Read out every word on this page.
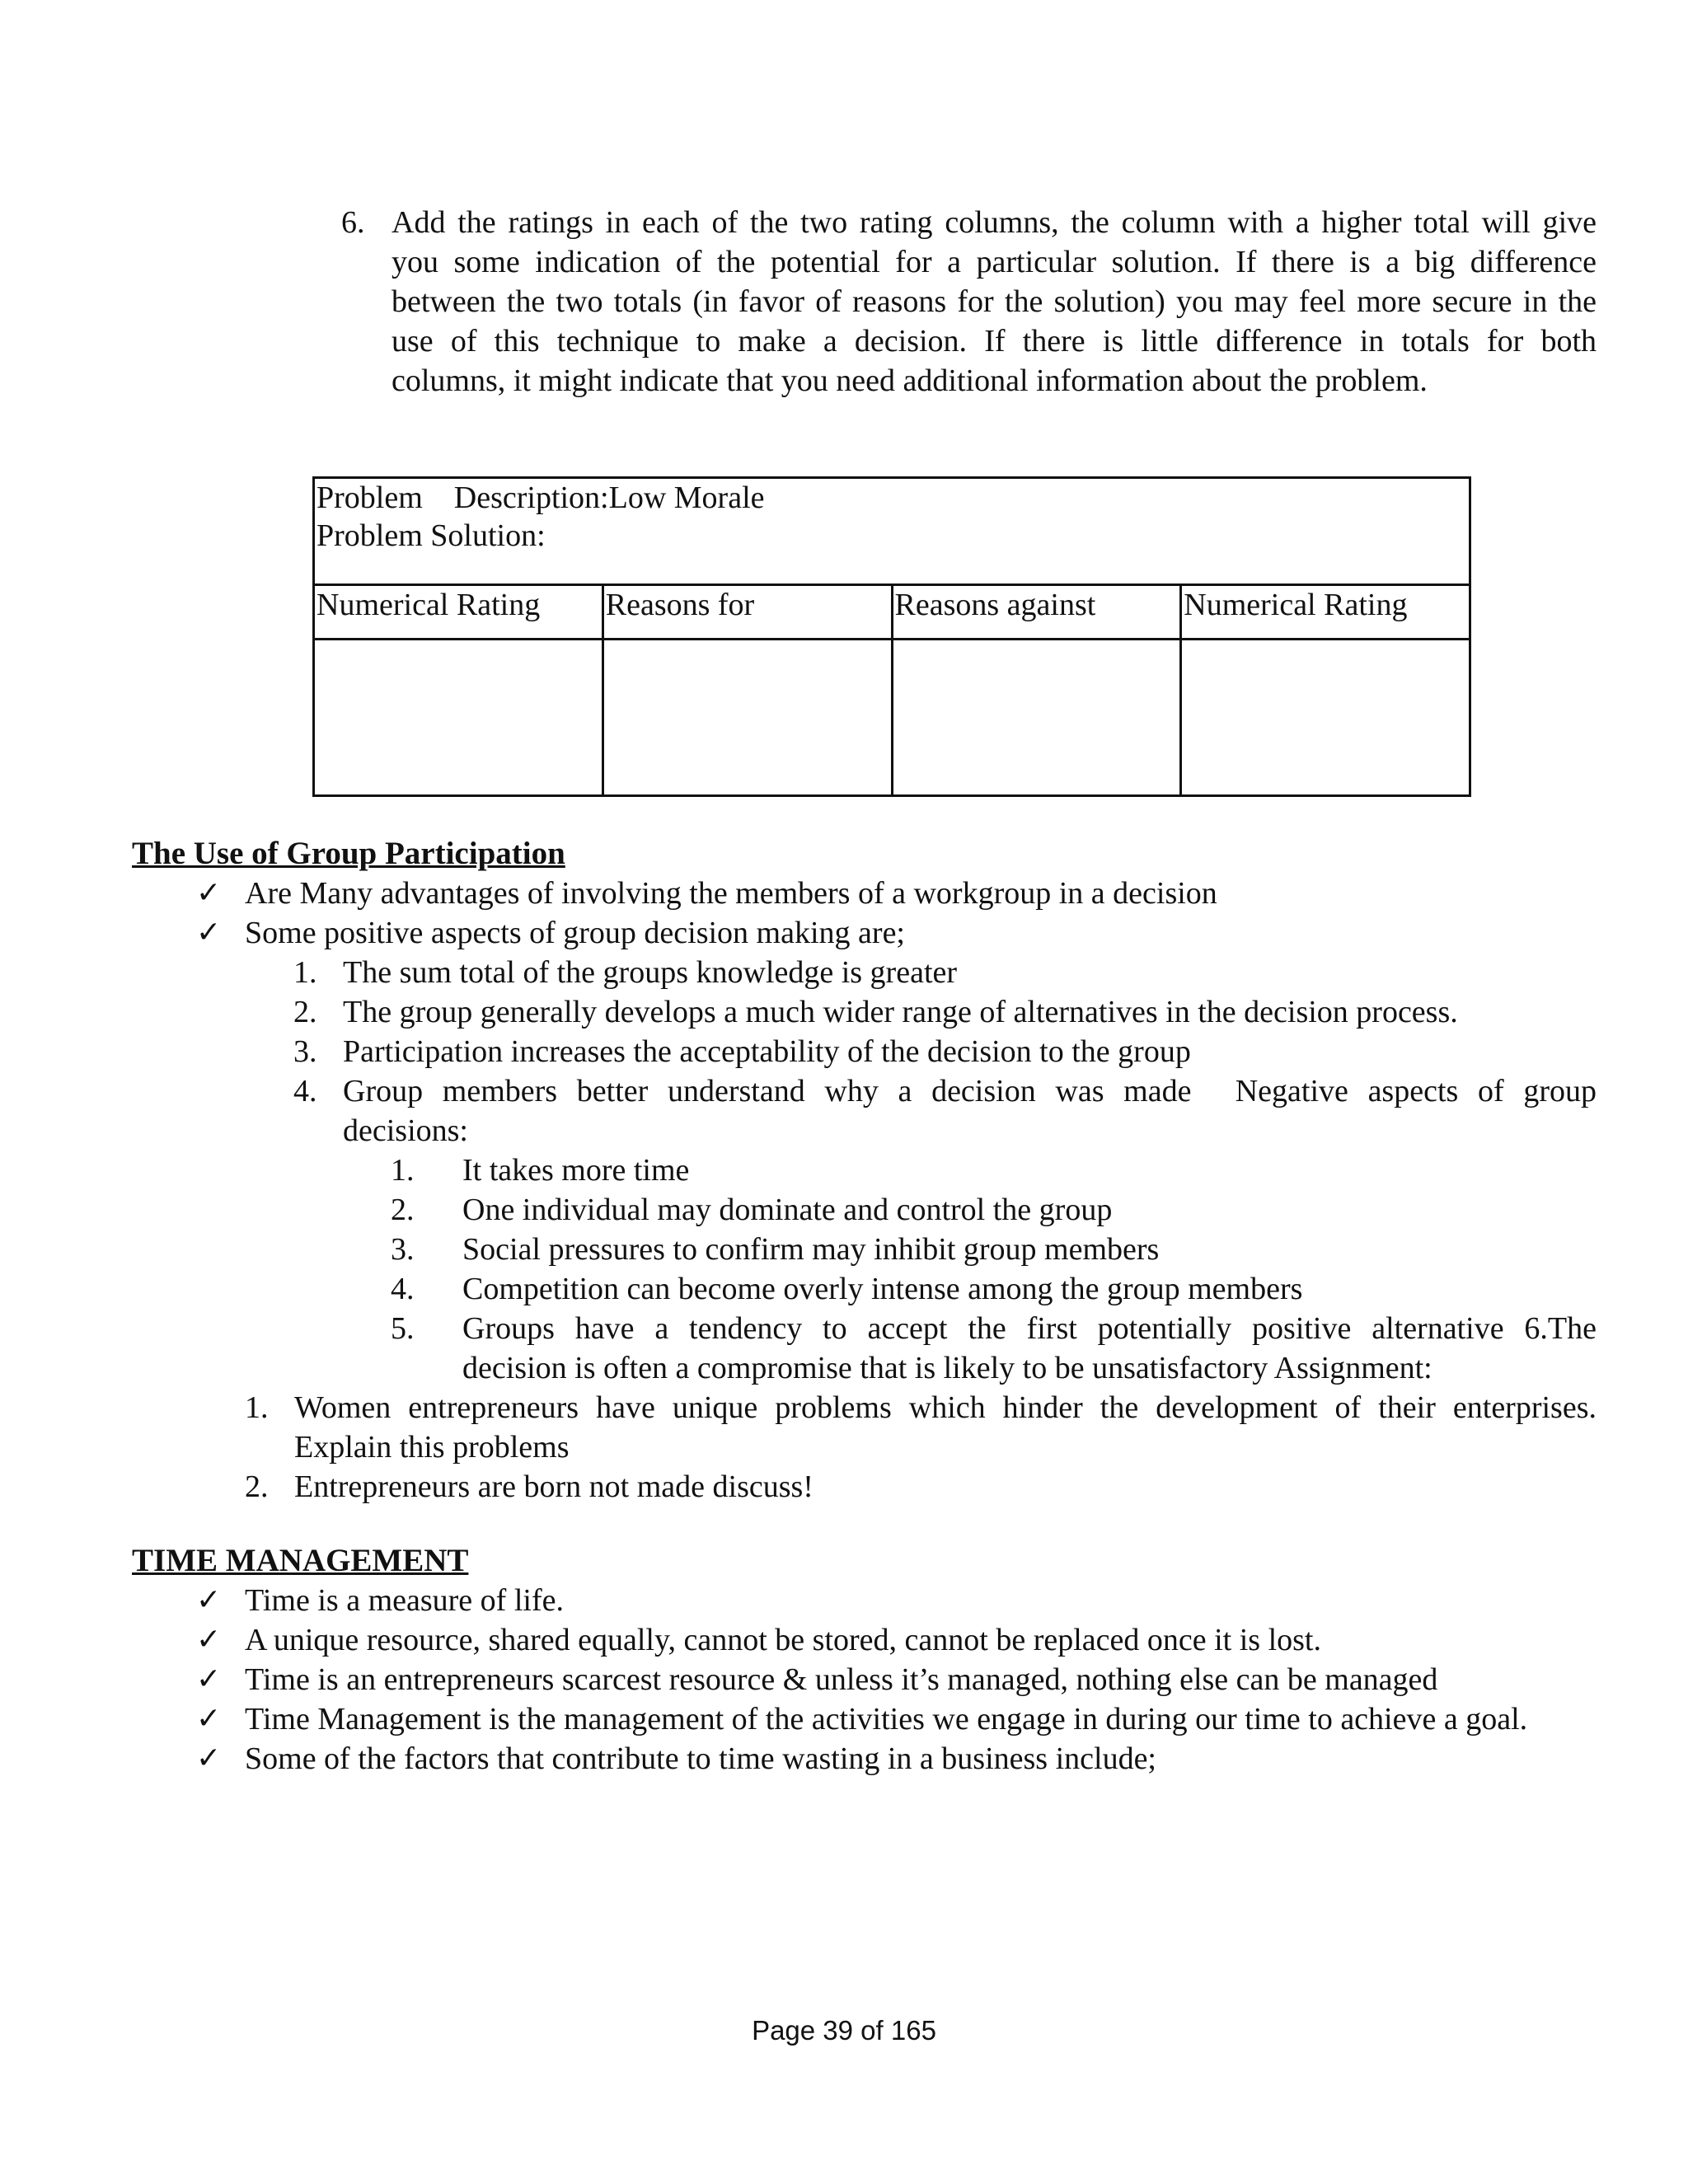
6. Add the ratings in each of the two rating columns, the column with a higher total will give
you some indication of the potential for a particular solution. If there is a big difference
between the two totals (in favor of reasons for the solution) you may feel more secure in the
use of this technique to make a decision. If there is little difference in totals for both
columns, it might indicate that you need additional information about the problem.
Problem    Description:Low Morale
Problem Solution:			

Numerical Rating	Reasons for	Reasons against	Numerical Rating

The Use of Group Participation
✓ Are Many advantages of involving the members of a workgroup in a decision
✓ Some positive aspects of group decision making are;
1. The sum total of the groups knowledge is greater
2. The group generally develops a much wider range of alternatives in the decision process.
3. Participation increases the acceptability of the decision to the group
4. Group members better understand why a decision was made Negative aspects of group
decisions:
1. It takes more time
2. One individual may dominate and control the group
3. Social pressures to confirm may inhibit group members
4. Competition can become overly intense among the group members
5. Groups have a tendency to accept the first potentially positive alternative 6.The
decision is often a compromise that is likely to be unsatisfactory Assignment:
1. Women entrepreneurs have unique problems which hinder the development of their enterprises.
Explain this problems
2. Entrepreneurs are born not made discuss!
TIME MANAGEMENT
✓ Time is a measure of life.
✓ A unique resource, shared equally, cannot be stored, cannot be replaced once it is lost.
✓ Time is an entrepreneurs scarcest resource & unless it’s managed, nothing else can be managed
✓ Time Management is the management of the activities we engage in during our time to achieve a goal.
✓ Some of the factors that contribute to time wasting in a business include;
Page 39 of 165
